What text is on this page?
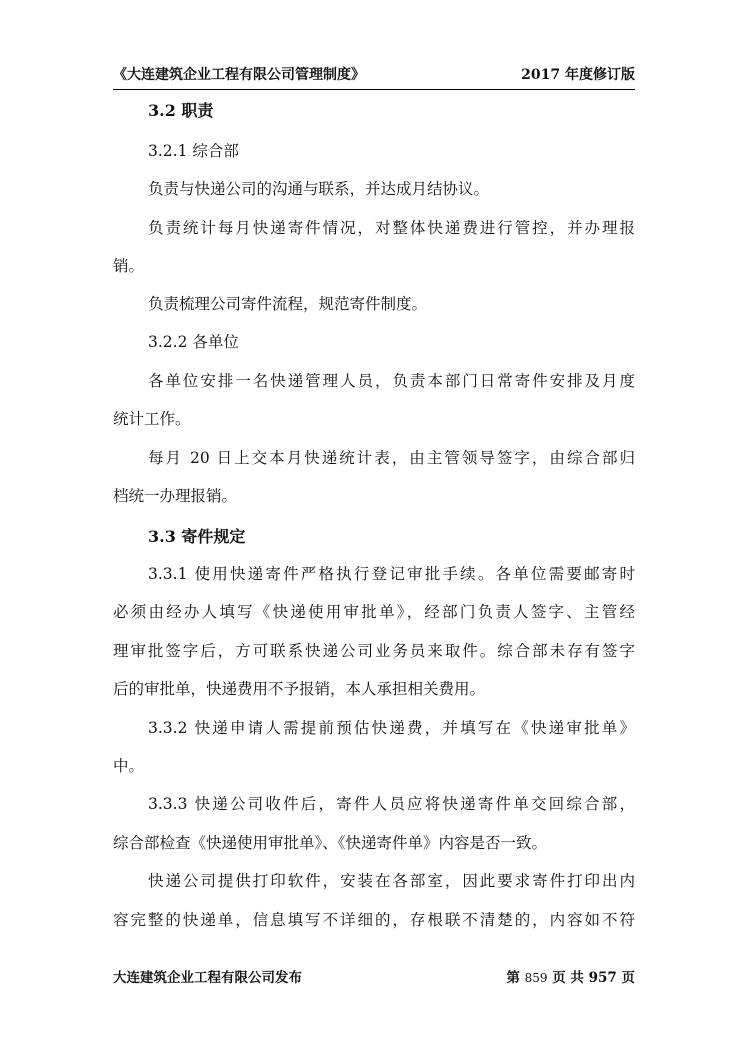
《大连建筑企业工程有限公司管理制度》	2017 年度修订版
3.2 职责
3.2.1 综合部
负责与快递公司的沟通与联系，并达成月结协议。
负责统计每月快递寄件情况，对整体快递费进行管控，并办理报
销。
负责梳理公司寄件流程，规范寄件制度。
3.2.2 各单位
各单位安排一名快递管理人员，负责本部门日常寄件安排及月度
统计工作。
每月 20 日上交本月快递统计表，由主管领导签字，由综合部归
档统一办理报销。
3.3 寄件规定
3.3.1 使用快递寄件严格执行登记审批手续。各单位需要邮寄时
必须由经办人填写《快递使用审批单》，经部门负责人签字、主管经
理审批签字后，方可联系快递公司业务员来取件。综合部未存有签字
后的审批单，快递费用不予报销，本人承担相关费用。
3.3.2 快递申请人需提前预估快递费，并填写在《快递审批单》
中。
3.3.3 快递公司收件后，寄件人员应将快递寄件单交回综合部，
综合部检查《快递使用审批单》、《快递寄件单》内容是否一致。
快递公司提供打印软件，安装在各部室，因此要求寄件打印出内
容完整的快递单，信息填写不详细的，存根联不清楚的，内容如不符
大连建筑企业工程有限公司发布	第 859 页 共 957 页
